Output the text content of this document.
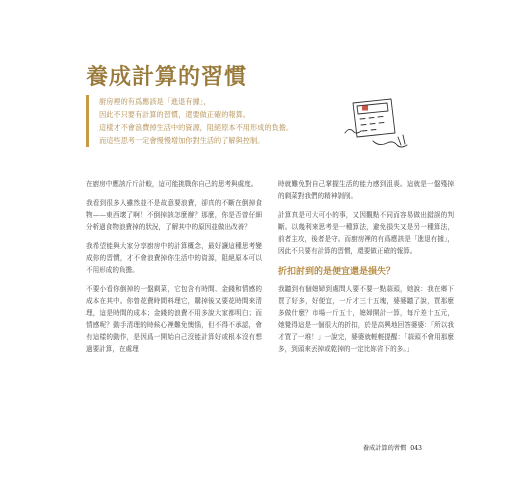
養成計算的習慣

廚房裡的有爲應該是「進退有據」，

因此不只要有計算的習慣，還要做正確的報算。

這樣才不會浪費掉生活中的資源，阻絕原本不用形成的負擔。

而這些思考一定會慢慢增加你對生活的了解與控制。

在廚房中應該斤斤計較，這可能挑戰你自己的思考與處度。

我看到很多人雖然並不是故意要浪費，卻真的不斷在倒掉食物——東西壞了啊！不倒掉該怎麼辦？那麼，你是否曾仔細分析過食物浪費掉的狀況，了解其中的原因並做出改善？

我希望能與大家分享廚房中的計算概念，最好讓這種思考變成你的習慣，才不會浪費掉你生活中的資源，阻絕原本可以不用形成的負擔。

不要小看你倒掉的一盤剩菜，它包含有時間、金錢和情感的成本在其中。你曾花費時間料理它，購掉後又要花時間來清理，這是時間的成本；金錢的浪費不用多說大家都明白；而情感呢？動手清理的時候心裡難免懊惱，但不得不承認，會有這樣的動作，是因爲一開始自己沒能計算好或根本沒有想過要計算，在處理

時就難免對自己掌握生活的能力感到沮喪。這就是一盤殘掉的剩菜對我們的精神剝削。

計算真是可大可小的事，又因觀點不同而容易做出錯誤的判斷。以幾利來思考是一種算法，避免損失又是另一種算法，前者主攻，後者是守。而廚房裡的有爲應該是「進退有據」，因此不只要有計算的習慣，還要做正確的報算。

折扣討到的是便宜還是損失？

我聽到有個媳婦到處問人要不要一點蒜頭，她說：我在鄉下買了好多，好便宜，一斤才三十五塊，婆婆聽了說，買那麼多做什麼？市場一斤五十，媳婦開計一算，每斤差十五元，她覺得這是一個很大的折扣，於是高興地回答婆婆：「所以我才買了一堆！」一說完，婆婆就輕輕提醒：「蒜頭不會用那麼多，到頭來丟掉或乾掉的一定比妳省下的多。」

養成計算的習慣 043
